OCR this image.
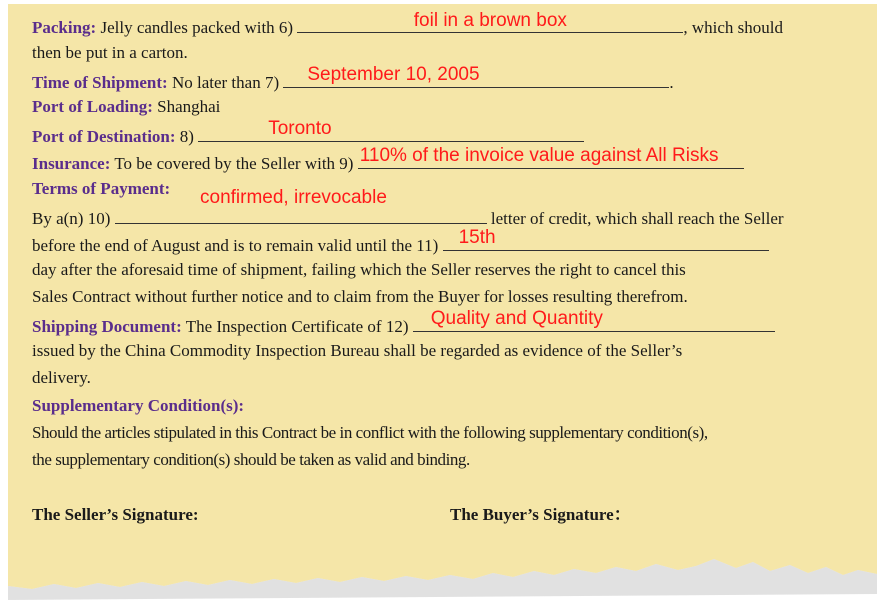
Packing: Jelly candles packed with 6)	foil in a brown box	, which should
then be put in a carton.
Time of Shipment: No later than 7) September 10, 2005	.
Port of Loading: Shanghai
Port of Destination: 8)	Toronto
Insurance: To be covered by the Seller with 9) 110% of the invoice value against All Risks
Terms of Payment: confirmed, irrevocable
By a(n) 10)	letter of credit, which shall reach the Seller
before the end of August and is to remain valid until the 11) 15th
day after the aforesaid time of shipment, failing which the Seller reserves the right to cancel this
Sales Contract without further notice and to claim from the Buyer for losses resulting therefrom.
Shipping Document: The Inspection Certificate of 12) Quality and Quantity
issued by the China Commodity Inspection Bureau shall be regarded as evidence of the Seller’s
delivery.
Supplementary Condition(s):
Should the articles stipulated in this Contract be in conflict with the following supplementary condition(s),
the supplementary condition(s) should be taken as valid and binding.
The Seller’s Signature:	The Buyer’s Signature：
